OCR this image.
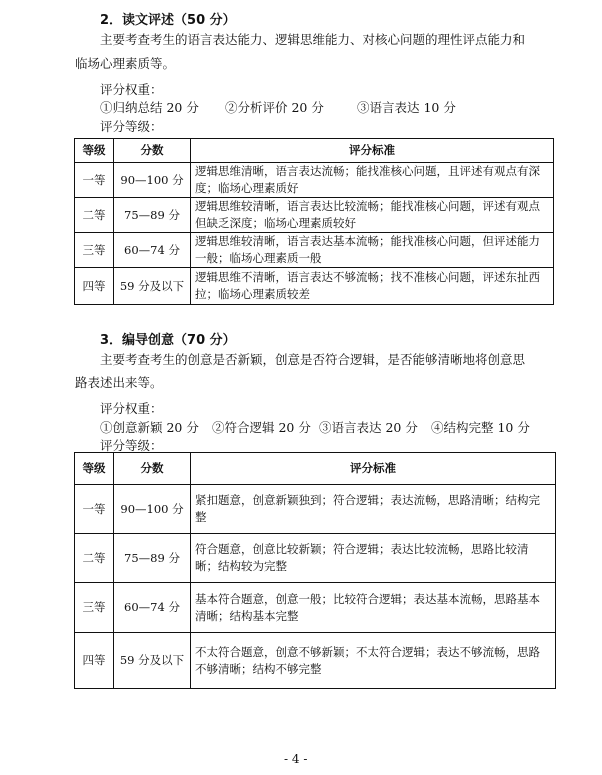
2．读文评述（50 分）
主要考查考生的语言表达能力、逻辑思维能力、对核心问题的理性评点能力和
临场心理素质等。
评分权重：
①归纳总结 20 分 ②分析评价 20 分	③语言表达 10 分
评分等级：
等级	分数	评分标准
一等	90—100 分	逻辑思维清晰，语言表达流畅；能找准核心问题，且评述有观点有深度；临场心理素质好
二等	75—89 分	逻辑思维较清晰，语言表达比较流畅；能找准核心问题，评述有观点但缺乏深度；临场心理素质较好
三等	60—74 分	逻辑思维较清晰，语言表达基本流畅；能找准核心问题，但评述能力一般；临场心理素质一般
四等	59 分及以下	逻辑思维不清晰，语言表达不够流畅；找不准核心问题，评述东扯西拉；临场心理素质较差
3．编导创意（70 分）
主要考查考生的创意是否新颖，创意是否符合逻辑，是否能够清晰地将创意思
路表述出来等。
评分权重：
①创意新颖 20 分 ②符合逻辑 20 分 ③语言表达 20 分 ④结构完整 10 分
评分等级：
等级	分数	评分标准
一等	90—100 分	紧扣题意，创意新颖独到；符合逻辑；表达流畅，思路清晰；结构完整
二等	75—89 分	符合题意，创意比较新颖；符合逻辑；表达比较流畅，思路比较清晰；结构较为完整
三等	60—74 分	基本符合题意，创意一般；比较符合逻辑；表达基本流畅，思路基本清晰；结构基本完整
四等	59 分及以下	不太符合题意，创意不够新颖；不太符合逻辑；表达不够流畅，思路不够清晰；结构不够完整
- 4 -
